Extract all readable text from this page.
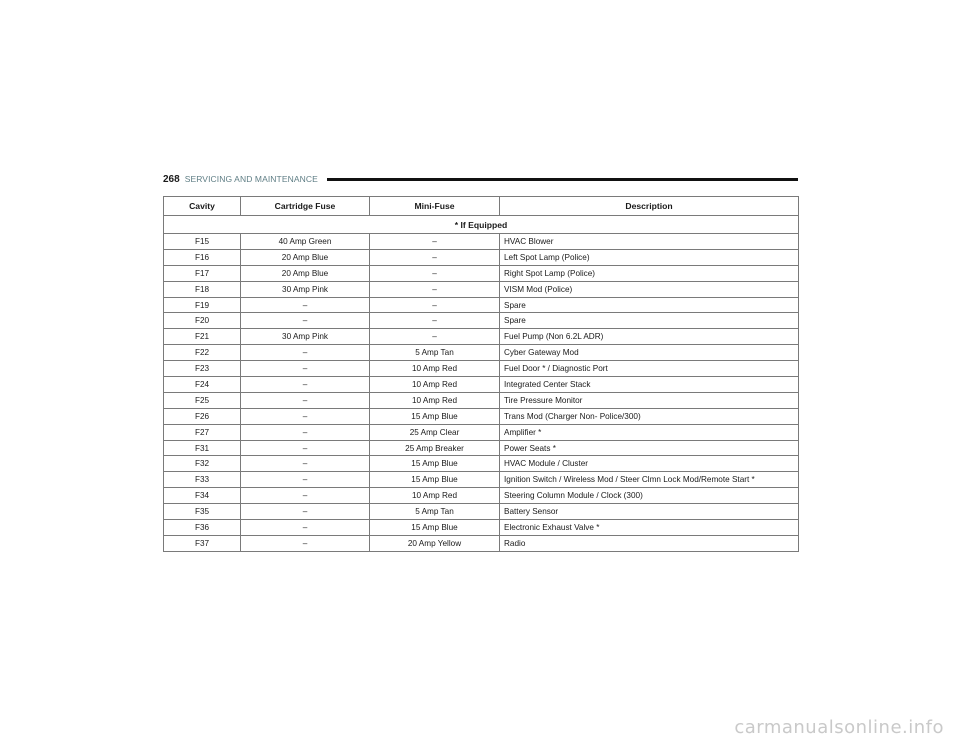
268 SERVICING AND MAINTENANCE
Cavity	Cartridge Fuse	Mini-Fuse	Description
* If Equipped			
F15	40 Amp Green	–	HVAC Blower
F16	20 Amp Blue	–	Left Spot Lamp (Police)
F17	20 Amp Blue	–	Right Spot Lamp (Police)
F18	30 Amp Pink	–	VISM Mod (Police)
F19	–	–	Spare
F20	–	–	Spare
F21	30 Amp Pink	–	Fuel Pump (Non 6.2L ADR)
F22	–	5 Amp Tan	Cyber Gateway Mod
F23	–	10 Amp Red	Fuel Door * / Diagnostic Port
F24	–	10 Amp Red	Integrated Center Stack
F25	–	10 Amp Red	Tire Pressure Monitor
F26	–	15 Amp Blue	Trans Mod (Charger Non- Police/300)
F27	–	25 Amp Clear	Amplifier *
F31	–	25 Amp Breaker	Power Seats *
F32	–	15 Amp Blue	HVAC Module / Cluster
F33	–	15 Amp Blue	Ignition Switch / Wireless Mod / Steer Clmn Lock Mod/Remote Start *
F34	–	10 Amp Red	Steering Column Module / Clock (300)
F35	–	5 Amp Tan	Battery Sensor
F36	–	15 Amp Blue	Electronic Exhaust Valve *
F37	–	20 Amp Yellow	Radio
carmanualsonline.info
